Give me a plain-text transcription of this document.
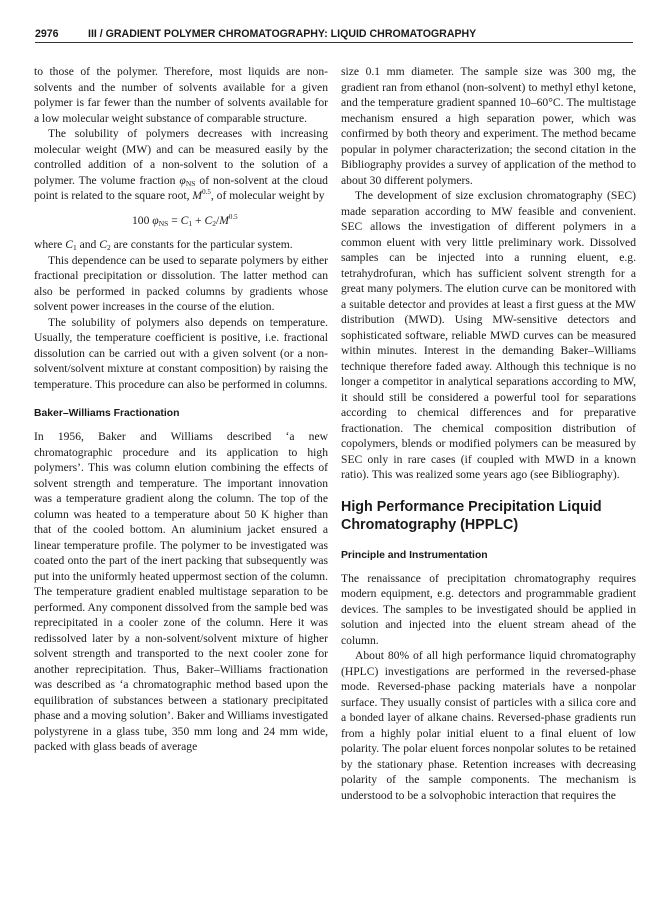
2976	III / GRADIENT POLYMER CHROMATOGRAPHY: LIQUID CHROMATOGRAPHY

to those of the polymer. Therefore, most liquids are non-solvents and the number of solvents available for a given polymer is far fewer than the number of solvents available for a low molecular weight substance of comparable structure.

The solubility of polymers decreases with increasing molecular weight (MW) and can be measured easily by the controlled addition of a non-solvent to the solution of a polymer. The volume fraction $\varphi_{NS}$ of non-solvent at the cloud point is related to the square root, $M^{0.5}$, of molecular weight by

100 $\varphi_{NS} = C_1 + C_2/M^{0.5}$

where $C_1$ and $C_2$ are constants for the particular system.

This dependence can be used to separate polymers by either fractional precipitation or dissolution. The latter method can also be performed in packed columns by gradients whose solvent power increases in the course of the elution.

The solubility of polymers also depends on temperature. Usually, the temperature coefficient is positive, i.e. fractional dissolution can be carried out with a given solvent (or a non-solvent/solvent mixture at constant composition) by raising the temperature. This procedure can also be performed in columns.

Baker–Williams Fractionation

In 1956, Baker and Williams described ‘a new chromatographic procedure and its application to high polymers’. This was column elution combining the effects of solvent strength and temperature. The important innovation was a temperature gradient along the column. The top of the column was heated to a temperature about 50 K higher than that of the cooled bottom. An aluminium jacket ensured a linear temperature profile. The polymer to be investigated was coated onto the part of the inert packing that subsequently was put into the uniformly heated uppermost section of the column. The temperature gradient enabled multistage separation to be performed. Any component dissolved from the sample bed was reprecipitated in a cooler zone of the column. Here it was redissolved later by a non-solvent/solvent mixture of higher solvent strength and transported to the next cooler zone for another reprecipitation. Thus, Baker–Williams fractionation was described as ‘a chromatographic method based upon the equilibration of substances between a stationary precipitated phase and a moving solution’. Baker and Williams investigated polystyrene in a glass tube, 350 mm long and 24 mm wide, packed with glass beads of average

size 0.1 mm diameter. The sample size was 300 mg, the gradient ran from ethanol (non-solvent) to methyl ethyl ketone, and the temperature gradient spanned 10–60°C. The multistage mechanism ensured a high separation power, which was confirmed by both theory and experiment. The method became popular in polymer characterization; the second citation in the Bibliography provides a survey of application of the method to about 30 different polymers.

The development of size exclusion chromatography (SEC) made separation according to MW feasible and convenient. SEC allows the investigation of different polymers in a common eluent with very little preliminary work. Dissolved samples can be injected into a running eluent, e.g. tetrahydrofuran, which has sufficient solvent strength for a great many polymers. The elution curve can be monitored with a suitable detector and provides at least a first guess at the MW distribution (MWD). Using MW-sensitive detectors and sophisticated software, reliable MWD curves can be measured within minutes. Interest in the demanding Baker–Williams technique therefore faded away. Although this technique is no longer a competitor in analytical separations according to MW, it should still be considered a powerful tool for separations according to chemical differences and for preparative fractionation. The chemical composition distribution of copolymers, blends or modified polymers can be measured by SEC only in rare cases (if coupled with MWD in a known ratio). This was realized some years ago (see Bibliography).

High Performance Precipitation Liquid Chromatography (HPPLC)
Principle and Instrumentation

The renaissance of precipitation chromatography requires modern equipment, e.g. detectors and programmable gradient devices. The samples to be investigated should be applied in solution and injected into the eluent stream ahead of the column.

About 80% of all high performance liquid chromatography (HPLC) investigations are performed in the reversed-phase mode. Reversed-phase packing materials have a nonpolar surface. They usually consist of particles with a silica core and a bonded layer of alkane chains. Reversed-phase gradients run from a highly polar initial eluent to a final eluent of low polarity. The polar eluent forces nonpolar solutes to be retained by the stationary phase. Retention increases with decreasing polarity of the sample components. The mechanism is understood to be a solvophobic interaction that requires the
